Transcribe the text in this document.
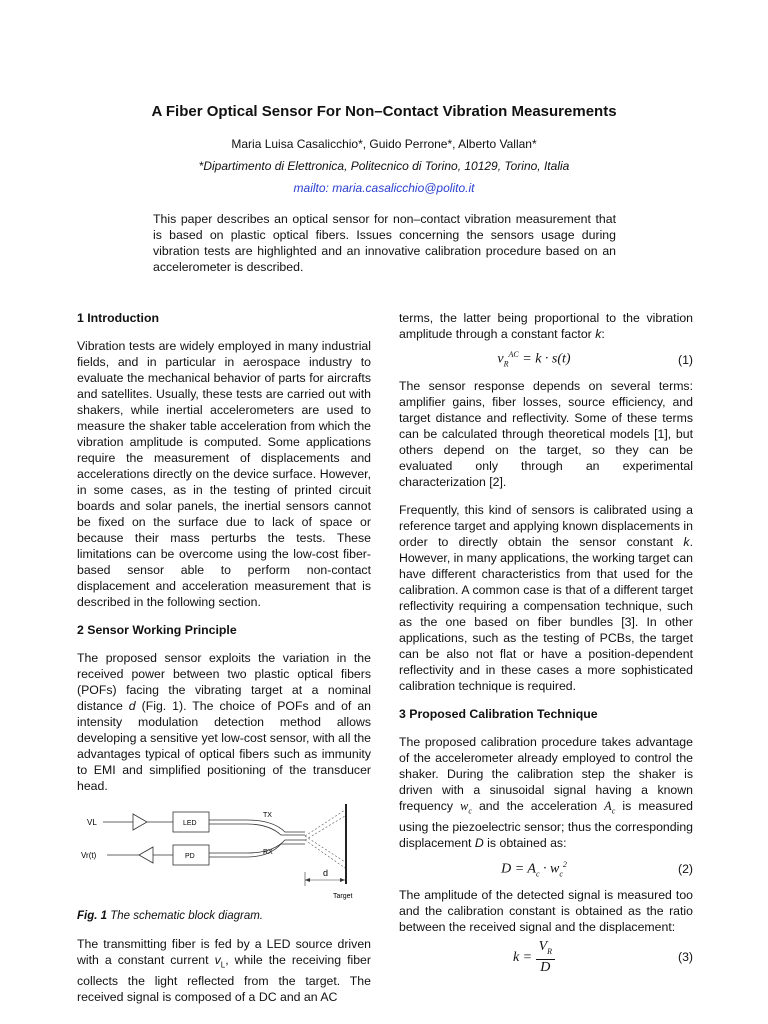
A Fiber Optical Sensor For Non–Contact Vibration Measurements
Maria Luisa Casalicchio*, Guido Perrone*, Alberto Vallan*
*Dipartimento di Elettronica, Politecnico di Torino, 10129, Torino, Italia
mailto: maria.casalicchio@polito.it
This paper describes an optical sensor for non–contact vibration measurement that is based on plastic optical fibers. Issues concerning the sensors usage during vibration tests are highlighted and an innovative calibration procedure based on an accelerometer is described.
1 Introduction

Vibration tests are widely employed in many industrial fields, and in particular in aerospace industry to evaluate the mechanical behavior of parts for aircrafts and satellites. Usually, these tests are carried out with shakers, while inertial accelerometers are used to measure the shaker table acceleration from which the vibration amplitude is computed. Some applications require the measurement of displacements and accelerations directly on the device surface. However, in some cases, as in the testing of printed circuit boards and solar panels, the inertial sensors cannot be fixed on the surface due to lack of space or because their mass perturbs the tests. These limitations can be overcome using the low-cost fiber-based sensor able to perform non-contact displacement and acceleration measurement that is described in the following section.

2 Sensor Working Principle

The proposed sensor exploits the variation in the received power between two plastic optical fibers (POFs) facing the vibrating target at a nominal distance d (Fig. 1). The choice of POFs and of an intensity modulation detection method allows developing a sensitive yet low-cost sensor, with all the advantages typical of optical fibers such as immunity to EMI and simplified positioning of the transducer head.

VL	LED
TX
Vr(t)	PD
RX
d
Target

Fig. 1 The schematic block diagram.

The transmitting fiber is fed by a LED source driven with a constant current $v_L$, while the receiving fiber collects the light reflected from the target. The received signal is composed of a DC and an AC

terms, the latter being proportional to the vibration amplitude through a constant factor k:

$v_R^{AC} = k \cdot s(t)$	(1)

The sensor response depends on several terms: amplifier gains, fiber losses, source efficiency, and target distance and reflectivity. Some of these terms can be calculated through theoretical models [1], but others depend on the target, so they can be evaluated only through an experimental characterization [2].

Frequently, this kind of sensors is calibrated using a reference target and applying known displacements in order to directly obtain the sensor constant k. However, in many applications, the working target can have different characteristics from that used for the calibration. A common case is that of a different target reflectivity requiring a compensation technique, such as the one based on fiber bundles [3]. In other applications, such as the testing of PCBs, the target can be also not flat or have a position-dependent reflectivity and in these cases a more sophisticated calibration technique is required.

3 Proposed Calibration Technique

The proposed calibration procedure takes advantage of the accelerometer already employed to control the shaker. During the calibration step the shaker is driven with a sinusoidal signal having a known frequency $w_c$ and the acceleration $A_c$ is measured using the piezoelectric sensor; thus the corresponding displacement D is obtained as:

$D = A_c \cdot w_c^2$	(2)

The amplitude of the detected signal is measured too and the calibration constant is obtained as the ratio between the received signal and the displacement:

$k = \frac{V_R}{D}$	(3)
